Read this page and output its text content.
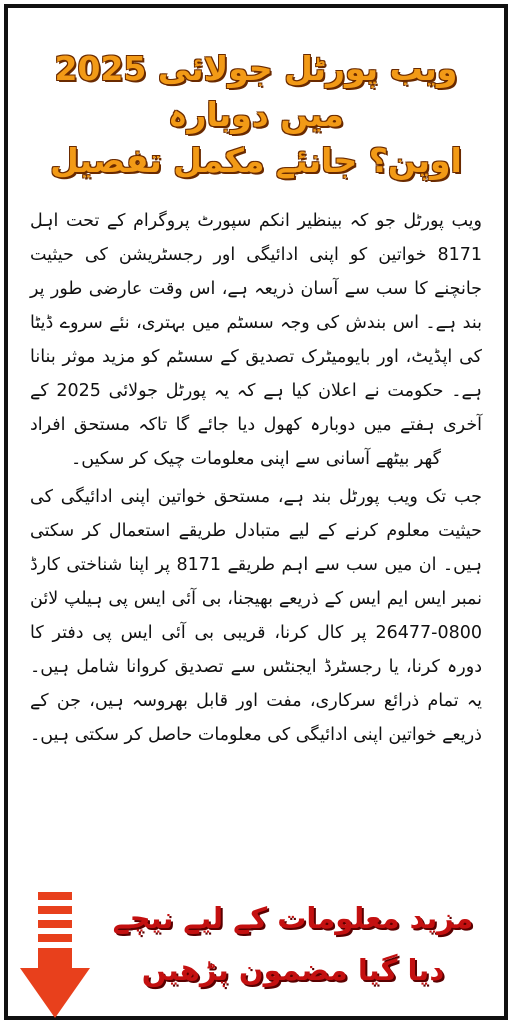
ویب پورٹل جولائی 2025 میں دوبارہ
اوپن؟ جانئے مکمل تفصیل

ویب پورٹل جو کہ بینظیر انکم سپورٹ پروگرام کے تحت اہل 8171 خواتین کو اپنی ادائیگی اور رجسٹریشن کی حیثیت جانچنے کا سب سے آسان ذریعہ ہے، اس وقت عارضی طور پر بند ہے۔ اس بندش کی وجہ سسٹم میں بہتری، نئے سروے ڈیٹا کی اپڈیٹ، اور بایومیٹرک تصدیق کے سسٹم کو مزید موثر بنانا ہے۔ حکومت نے اعلان کیا ہے کہ یہ پورٹل جولائی 2025 کے آخری ہفتے میں دوبارہ کھول دیا جائے گا تاکہ مستحق افراد گھر بیٹھے آسانی سے اپنی معلومات چیک کر سکیں۔

جب تک ویب پورٹل بند ہے، مستحق خواتین اپنی ادائیگی کی حیثیت معلوم کرنے کے لیے متبادل طریقے استعمال کر سکتی ہیں۔ ان میں سب سے اہم طریقے 8171 پر اپنا شناختی کارڈ نمبر ایس ایم ایس کے ذریعے بھیجنا، بی آئی ایس پی ہیلپ لائن 0800-26477 پر کال کرنا، قریبی بی آئی ایس پی دفتر کا دورہ کرنا، یا رجسٹرڈ ایجنٹس سے تصدیق کروانا شامل ہیں۔ یہ تمام ذرائع سرکاری، مفت اور قابل بھروسہ ہیں، جن کے ذریعے خواتین اپنی ادائیگی کی معلومات حاصل کر سکتی ہیں۔

مزید معلومات کے لیے نیچے
دیا گیا مضمون پڑھیں
